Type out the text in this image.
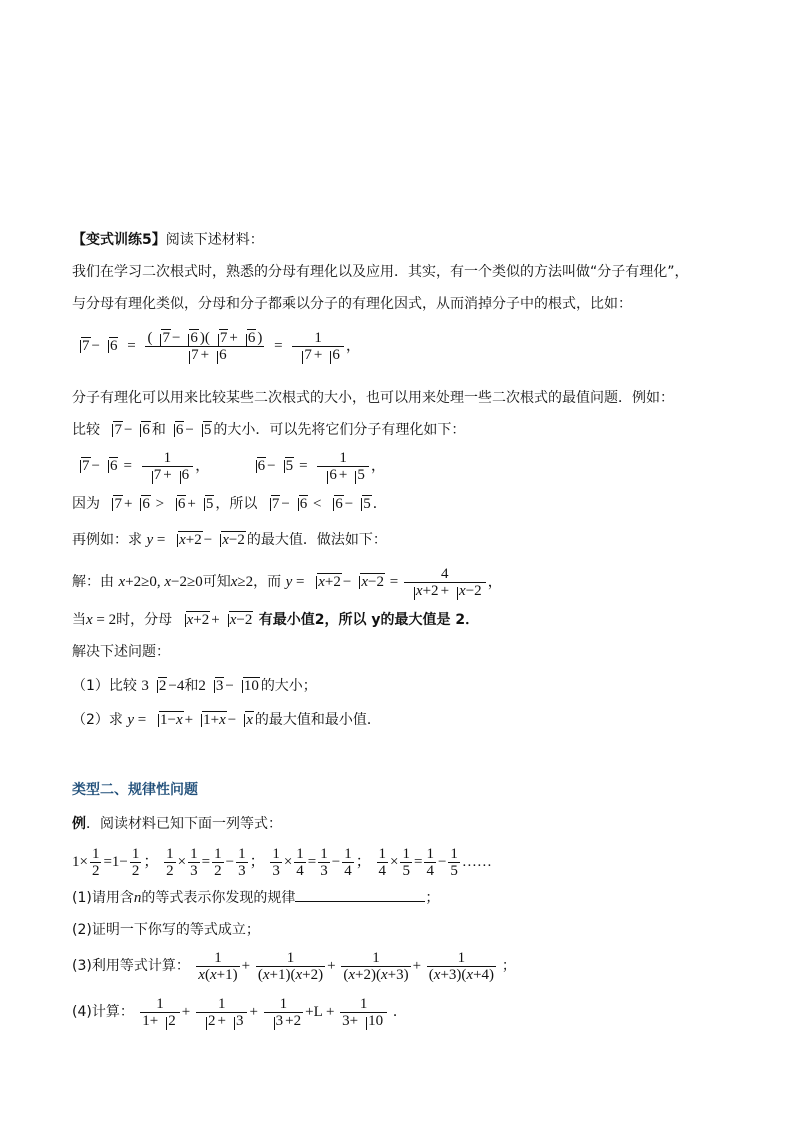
【变式训练5】阅读下述材料：
我们在学习二次根式时，熟悉的分母有理化以及应用．其实，有一个类似的方法叫做“分子有理化”，
与分母有理化类似，分母和分子都乘以分子的有理化因式，从而消掉分子中的根式，比如：
$7 - 6 = \frac{( 7 - 6 )( 7 + 6 )}{7 + 6} = \frac{1}{7 + 6}$ ，
分子有理化可以用来比较某些二次根式的大小，也可以用来处理一些二次根式的最值问题．例如：
比较 7 − 6 和 6 − 5 的大小．可以先将它们分子有理化如下：
$7 - 6 = \frac{1}{7 + 6}$ ，	$6 - 5 = \frac{1}{6 + 5}$ ，
因为 7 + 6 > 6 + 5 ，所以 7 − 6 < 6 − 5 ．
再例如：求 y = x+2 − x−2 的最大值．做法如下：
解：由 x+2≥0, x−2≥0可知x≥2，而 $y = x+2 - x-2 = \frac{4}{x+2 + x-2}$ ，
当x = 2时，分母 x+2 + x−2 有最小值2，所以 y的最大值是 2．
解决下述问题：
（1）比较 3 2 −4和2 3 − 10 的大小；
（2）求 y = 1−x + 1+x − x 的最大值和最小值．
类型二、规律性问题
例．阅读材料已知下面一列等式：
$1\times \frac{1}{2} =1- \frac{1}{2}$ ； $\frac{1}{2} \times \frac{1}{3} = \frac{1}{2} - \frac{1}{3}$ ； $\frac{1}{3} \times \frac{1}{4} = \frac{1}{3} - \frac{1}{4}$ ； $\frac{1}{4} \times \frac{1}{5} = \frac{1}{4} - \frac{1}{5}$ ……
(1)请用含n的等式表示你发现的规律	；
(2)证明一下你写的等式成立；
(3)利用等式计算： $\frac{1}{x(x+1)} + \frac{1}{(x+1)(x+2)} + \frac{1}{(x+2)(x+3)} + \frac{1}{(x+3)(x+4)}$ ；
(4)计算： $\frac{1}{1+ 2} + \frac{1}{2 + 3} + \frac{1}{3 +2} +L + \frac{1}{3+ 10}$ ．
